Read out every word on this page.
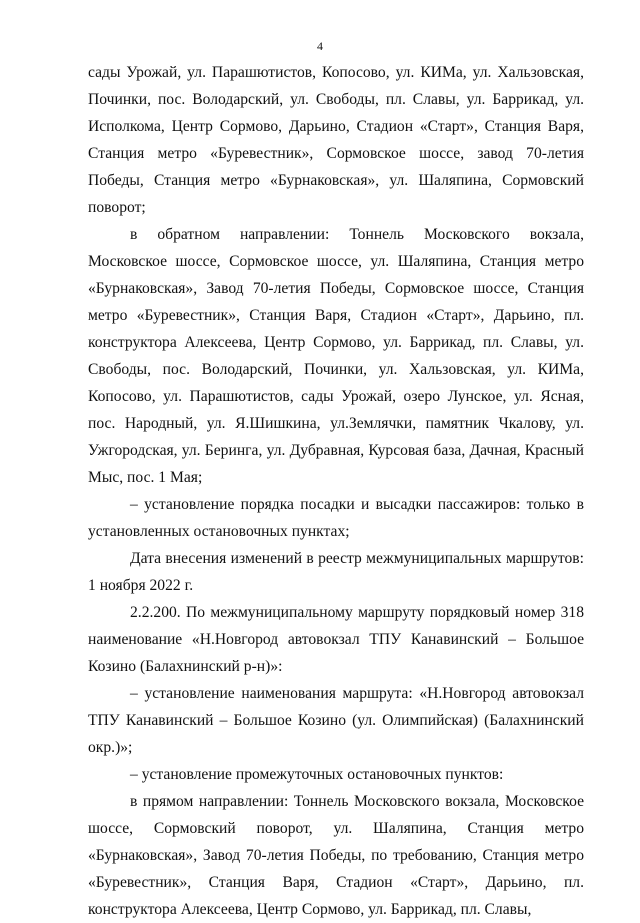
4

сады Урожай, ул. Парашютистов, Копосово, ул. КИМа, ул. Хальзовская, Починки, пос. Володарский, ул. Свободы, пл. Славы, ул. Баррикад, ул. Исполкома, Центр Сормово, Дарьино, Стадион «Старт», Станция Варя, Станция метро «Буревестник», Сормовское шоссе, завод 70-летия Победы, Станция метро «Бурнаковская», ул. Шаляпина, Сормовский поворот;

в обратном направлении: Тоннель Московского вокзала, Московское шоссе, Сормовское шоссе, ул. Шаляпина, Станция метро «Бурнаковская», Завод 70-летия Победы, Сормовское шоссе, Станция метро «Буревестник», Станция Варя, Стадион «Старт», Дарьино, пл. конструктора Алексеева, Центр Сормово, ул. Баррикад, пл. Славы, ул. Свободы, пос. Володарский, Починки, ул. Хальзовская, ул. КИМа, Копосово, ул. Парашютистов, сады Урожай, озеро Лунское, ул. Ясная, пос. Народный, ул. Я.Шишкина, ул.Землячки, памятник Чкалову, ул. Ужгородская, ул. Беринга, ул. Дубравная, Курсовая база, Дачная, Красный Мыс, пос. 1 Мая;

– установление порядка посадки и высадки пассажиров: только в установленных остановочных пунктах;

Дата внесения изменений в реестр межмуниципальных маршрутов: 1 ноября 2022 г.

2.2.200. По межмуниципальному маршруту порядковый номер 318 наименование «Н.Новгород автовокзал ТПУ Канавинский – Большое Козино (Балахнинский р-н)»:

– установление наименования маршрута: «Н.Новгород автовокзал ТПУ Канавинский – Большое Козино (ул. Олимпийская) (Балахнинский окр.)»;

– установление промежуточных остановочных пунктов:

в прямом направлении: Тоннель Московского вокзала, Московское шоссе, Сормовский поворот, ул. Шаляпина, Станция метро «Бурнаковская», Завод 70-летия Победы, по требованию, Станция метро «Буревестник», Станция Варя, Стадион «Старт», Дарьино, пл. конструктора Алексеева, Центр Сормово, ул. Баррикад, пл. Славы,
